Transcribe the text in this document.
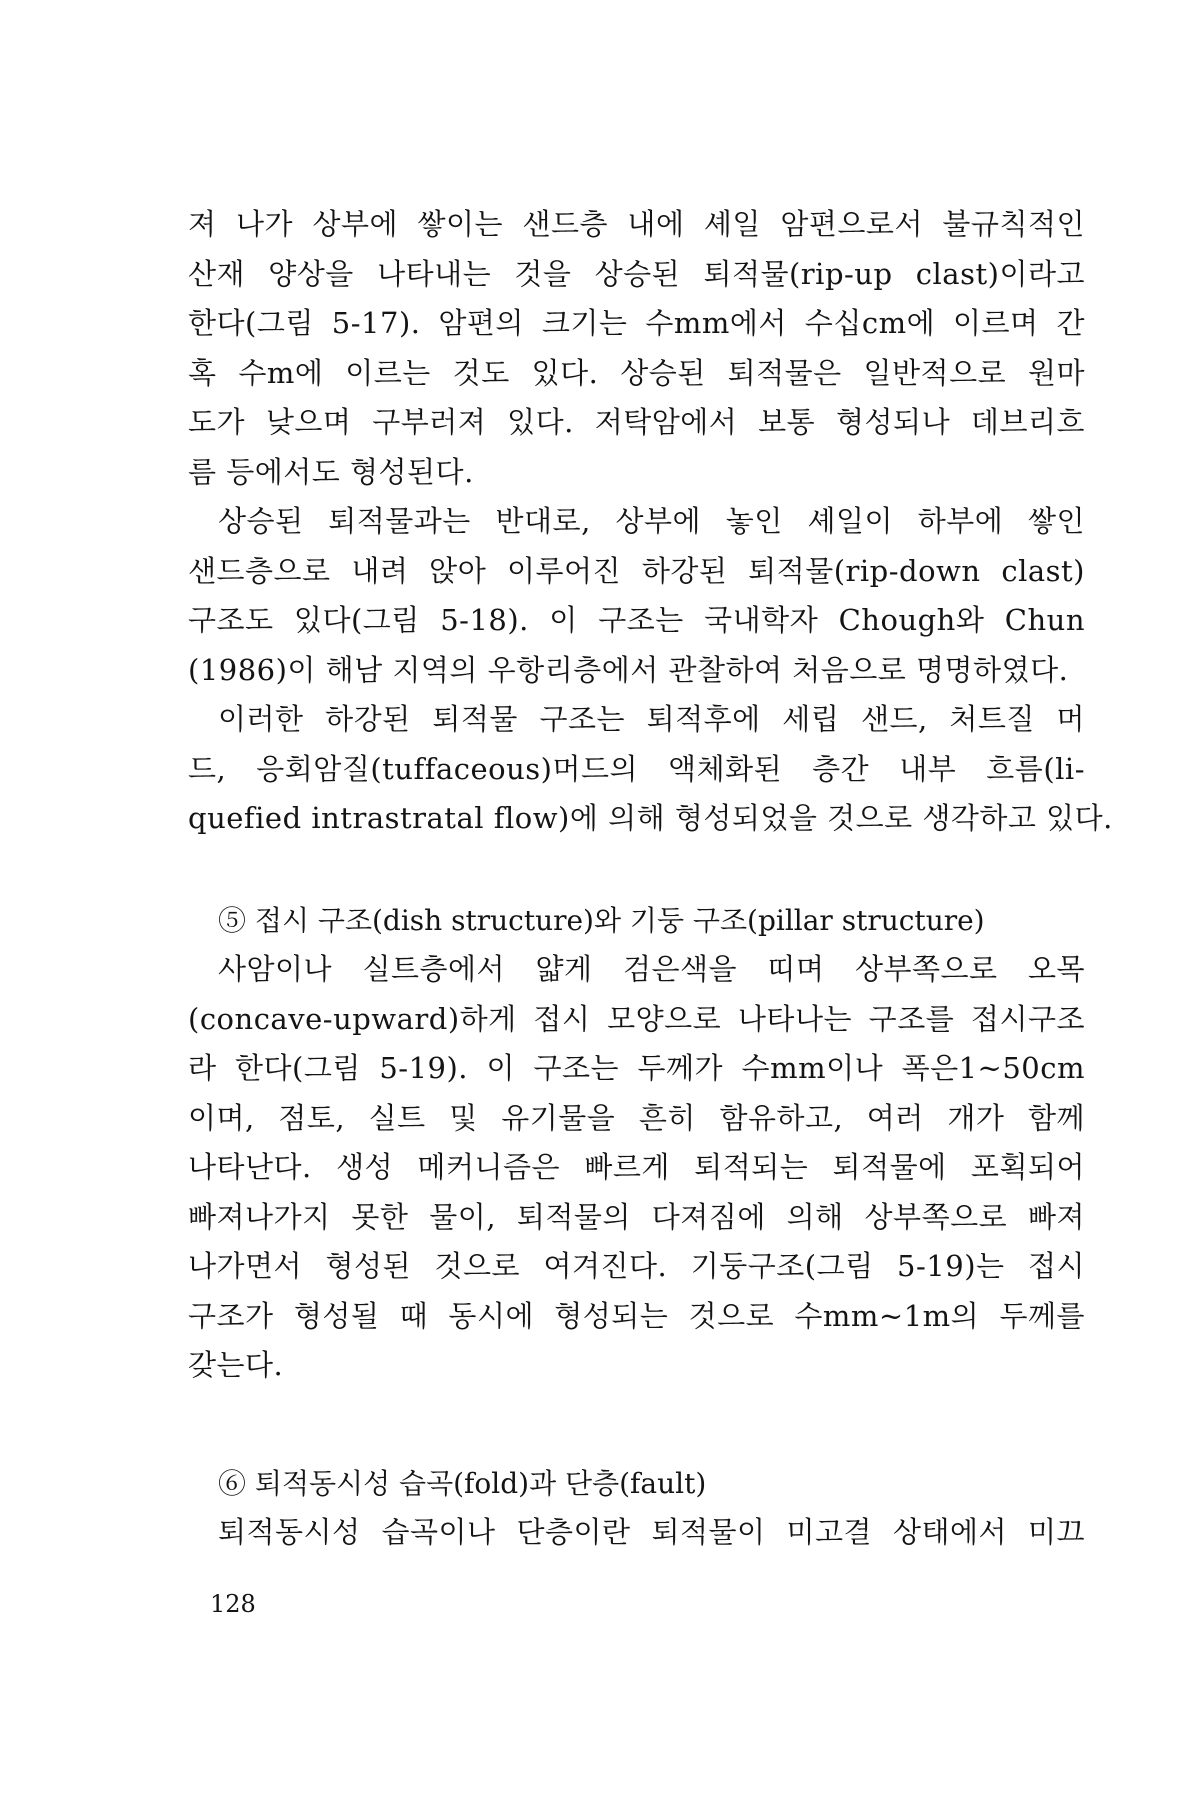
져 나가 상부에 쌓이는 샌드층 내에 셰일 암편으로서 불규칙적인

산재 양상을 나타내는 것을 상승된 퇴적물(rip-up clast)이라고

한다(그림 5-17). 암편의 크기는 수mm에서 수십cm에 이르며 간

혹 수m에 이르는 것도 있다. 상승된 퇴적물은 일반적으로 원마

도가 낮으며 구부러져 있다. 저탁암에서 보통 형성되나 데브리흐

름 등에서도 형성된다.

상승된 퇴적물과는 반대로, 상부에 놓인 셰일이 하부에 쌓인

샌드층으로 내려 앉아 이루어진 하강된 퇴적물(rip-down clast)

구조도 있다(그림 5-18). 이 구조는 국내학자 Chough와 Chun

(1986)이 해남 지역의 우항리층에서 관찰하여 처음으로 명명하였다.

이러한 하강된 퇴적물 구조는 퇴적후에 세립 샌드, 처트질 머

드, 응회암질(tuffaceous)머드의 액체화된 층간 내부 흐름(li-

quefied intrastratal flow)에 의해 형성되었을 것으로 생각하고 있다.

⑤ 접시 구조(dish structure)와 기둥 구조(pillar structure)

사암이나 실트층에서 얇게 검은색을 띠며 상부쪽으로 오목

(concave-upward)하게 접시 모양으로 나타나는 구조를 접시구조

라 한다(그림 5-19). 이 구조는 두께가 수mm이나 폭은1~50cm

이며, 점토, 실트 및 유기물을 흔히 함유하고, 여러 개가 함께

나타난다. 생성 메커니즘은 빠르게 퇴적되는 퇴적물에 포획되어

빠져나가지 못한 물이, 퇴적물의 다져짐에 의해 상부쪽으로 빠져

나가면서 형성된 것으로 여겨진다. 기둥구조(그림 5-19)는 접시

구조가 형성될 때 동시에 형성되는 것으로 수mm~1m의 두께를

갖는다.

⑥ 퇴적동시성 습곡(fold)과 단층(fault)

퇴적동시성 습곡이나 단층이란 퇴적물이 미고결 상태에서 미끄

128
